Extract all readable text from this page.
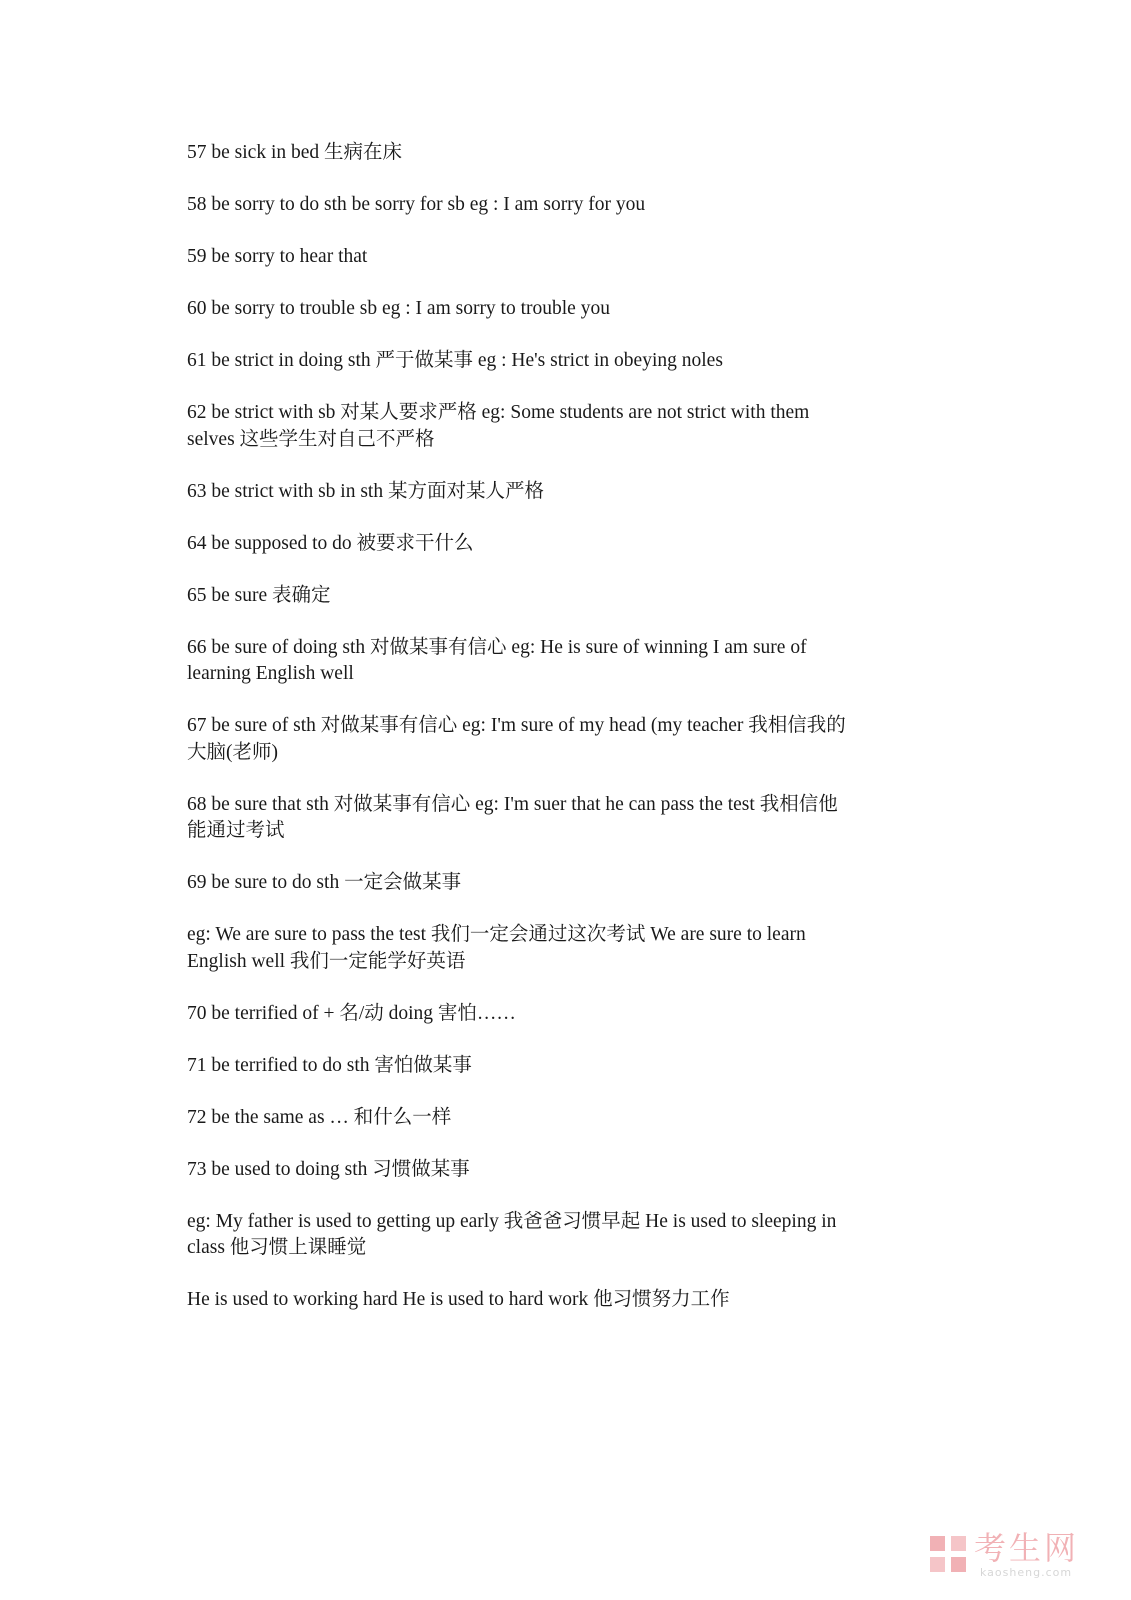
57 be sick in bed 生病在床
58 be sorry to do sth be sorry for sb eg : I am sorry for you
59 be sorry to hear that
60 be sorry to trouble sb eg : I am sorry to trouble you
61 be strict in doing sth 严于做某事 eg : He's strict in obeying noles
62 be strict with sb 对某人要求严格 eg: Some students are not strict with them
selves 这些学生对自己不严格
63 be strict with sb in sth 某方面对某人严格
64 be supposed to do 被要求干什么
65 be sure 表确定
66 be sure of doing sth 对做某事有信心 eg: He is sure of winning I am sure of
learning English well
67 be sure of sth 对做某事有信心 eg: I'm sure of my head (my teacher 我相信我的
大脑(老师)
68 be sure that sth 对做某事有信心 eg: I'm suer that he can pass the test 我相信他
能通过考试
69 be sure to do sth 一定会做某事
eg: We are sure to pass the test 我们一定会通过这次考试 We are sure to learn
English well 我们一定能学好英语
70 be terrified of + 名/动 doing 害怕……
71 be terrified to do sth 害怕做某事
72 be the same as … 和什么一样
73 be used to doing sth 习惯做某事
eg: My father is used to getting up early 我爸爸习惯早起 He is used to sleeping in
class 他习惯上课睡觉
He is used to working hard He is used to hard work 他习惯努力工作
考生网
kaosheng.com
